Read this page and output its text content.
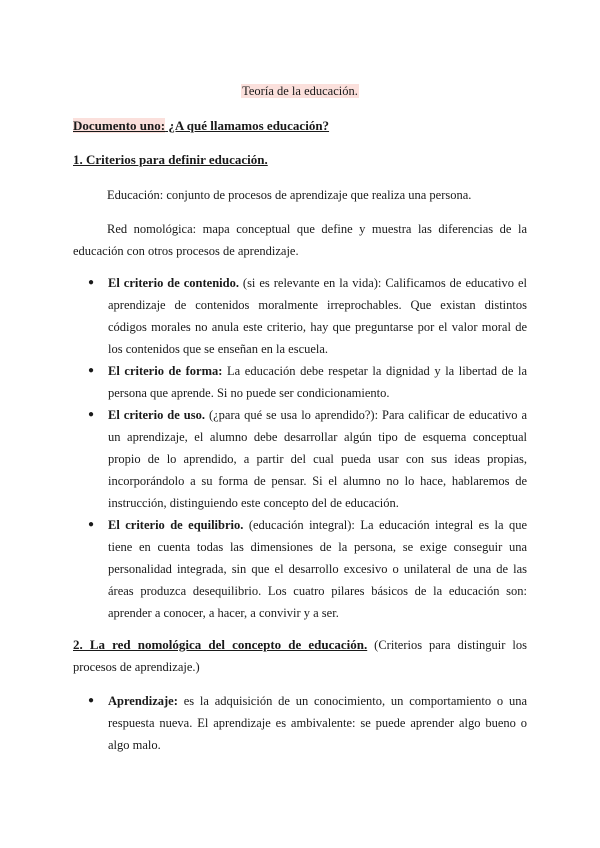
Teoría de la educación.
Documento uno: ¿A qué llamamos educación?
1. Criterios para definir educación.

Educación: conjunto de procesos de aprendizaje que realiza una persona.

Red nomológica: mapa conceptual que define y muestra las diferencias de la educación con otros procesos de aprendizaje.

● El criterio de contenido. (si es relevante en la vida): Calificamos de educativo el aprendizaje de contenidos moralmente irreprochables. Que existan distintos códigos morales no anula este criterio, hay que preguntarse por el valor moral de los contenidos que se enseñan en la escuela.
● El criterio de forma: La educación debe respetar la dignidad y la libertad de la persona que aprende. Si no puede ser condicionamiento.
● El criterio de uso. (¿para qué se usa lo aprendido?): Para calificar de educativo a un aprendizaje, el alumno debe desarrollar algún tipo de esquema conceptual propio de lo aprendido, a partir del cual pueda usar con sus ideas propias, incorporándolo a su forma de pensar. Si el alumno no lo hace, hablaremos de instrucción, distinguiendo este concepto del de educación.
● El criterio de equilibrio. (educación integral): La educación integral es la que tiene en cuenta todas las dimensiones de la persona, se exige conseguir una personalidad integrada, sin que el desarrollo excesivo o unilateral de una de las áreas produzca desequilibrio. Los cuatro pilares básicos de la educación son: aprender a conocer, a hacer, a convivir y a ser.
2. La red nomológica del concepto de educación. (Criterios para distinguir los procesos de aprendizaje.)
● Aprendizaje: es la adquisición de un conocimiento, un comportamiento o una respuesta nueva. El aprendizaje es ambivalente: se puede aprender algo bueno o algo malo.
